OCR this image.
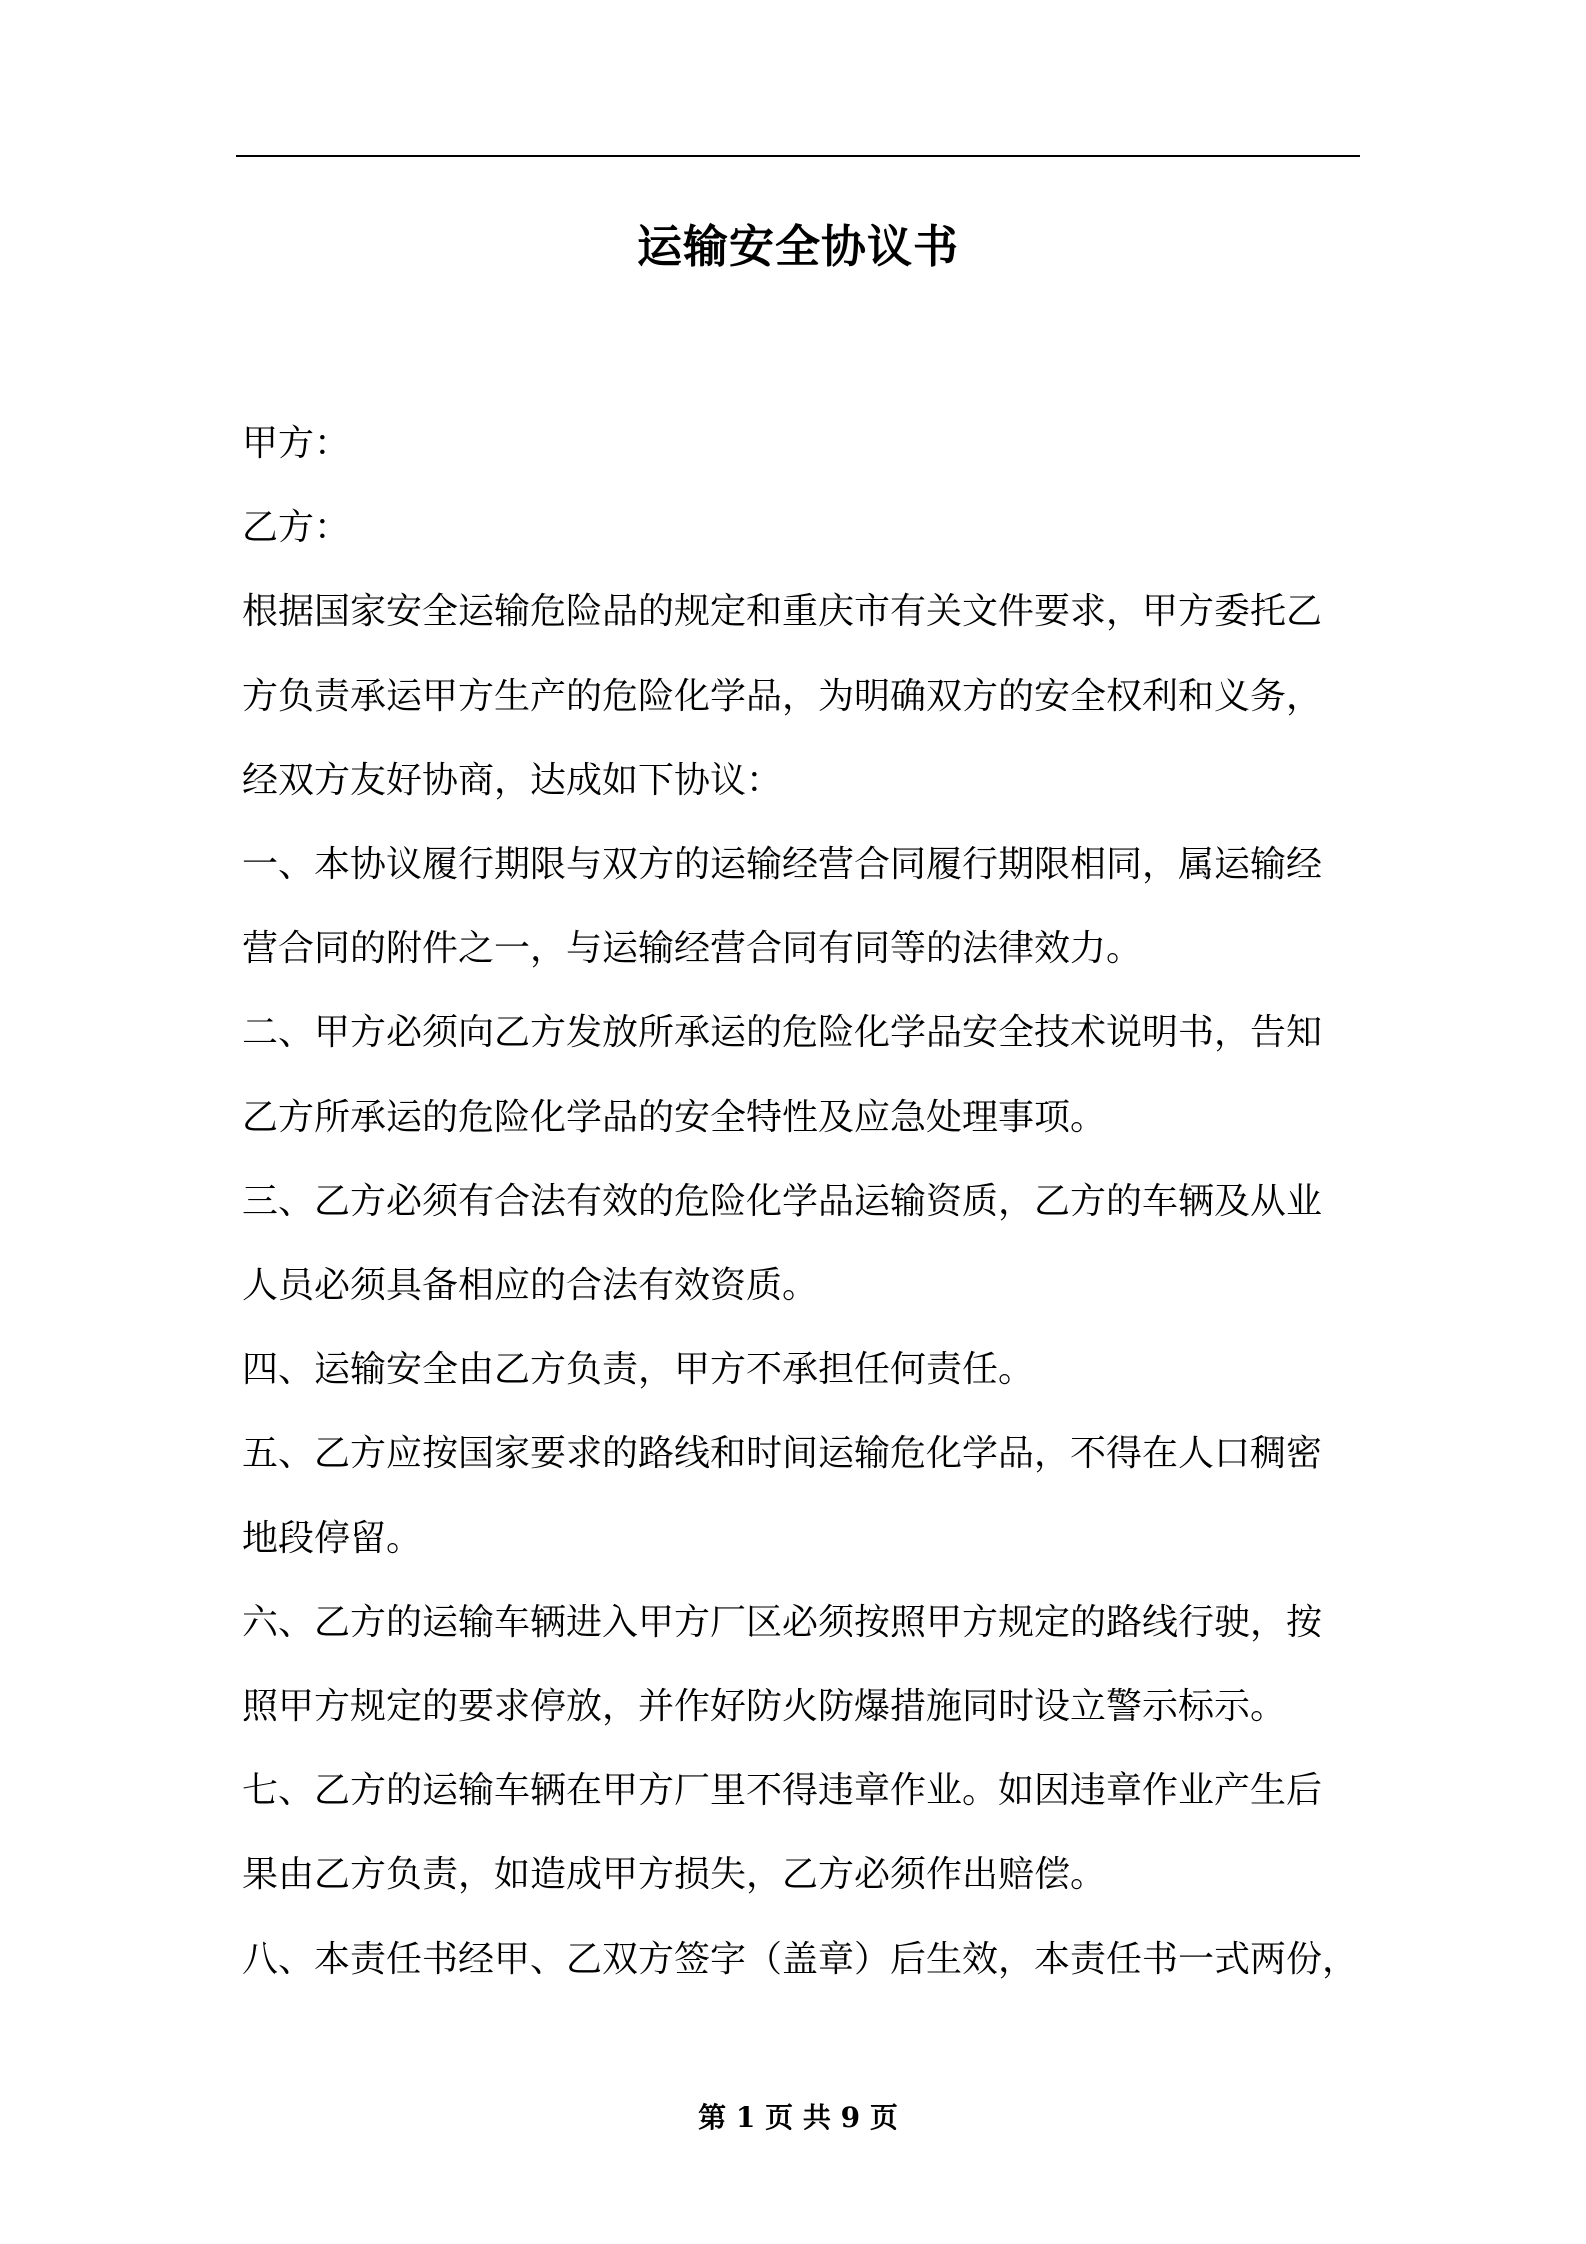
运输安全协议书

甲方：

乙方：

根据国家安全运输危险品的规定和重庆市有关文件要求，甲方委托乙

方负责承运甲方生产的危险化学品，为明确双方的安全权利和义务，

经双方友好协商，达成如下协议：

一、本协议履行期限与双方的运输经营合同履行期限相同，属运输经

营合同的附件之一，与运输经营合同有同等的法律效力。

二、甲方必须向乙方发放所承运的危险化学品安全技术说明书，告知

乙方所承运的危险化学品的安全特性及应急处理事项。

三、乙方必须有合法有效的危险化学品运输资质，乙方的车辆及从业

人员必须具备相应的合法有效资质。

四、运输安全由乙方负责，甲方不承担任何责任。

五、乙方应按国家要求的路线和时间运输危化学品，不得在人口稠密

地段停留。

六、乙方的运输车辆进入甲方厂区必须按照甲方规定的路线行驶，按

照甲方规定的要求停放，并作好防火防爆措施同时设立警示标示。

七、乙方的运输车辆在甲方厂里不得违章作业。如因违章作业产生后

果由乙方负责，如造成甲方损失，乙方必须作出赔偿。

八、本责任书经甲、乙双方签字（盖章）后生效，本责任书一式两份，

第 1 页 共 9 页
